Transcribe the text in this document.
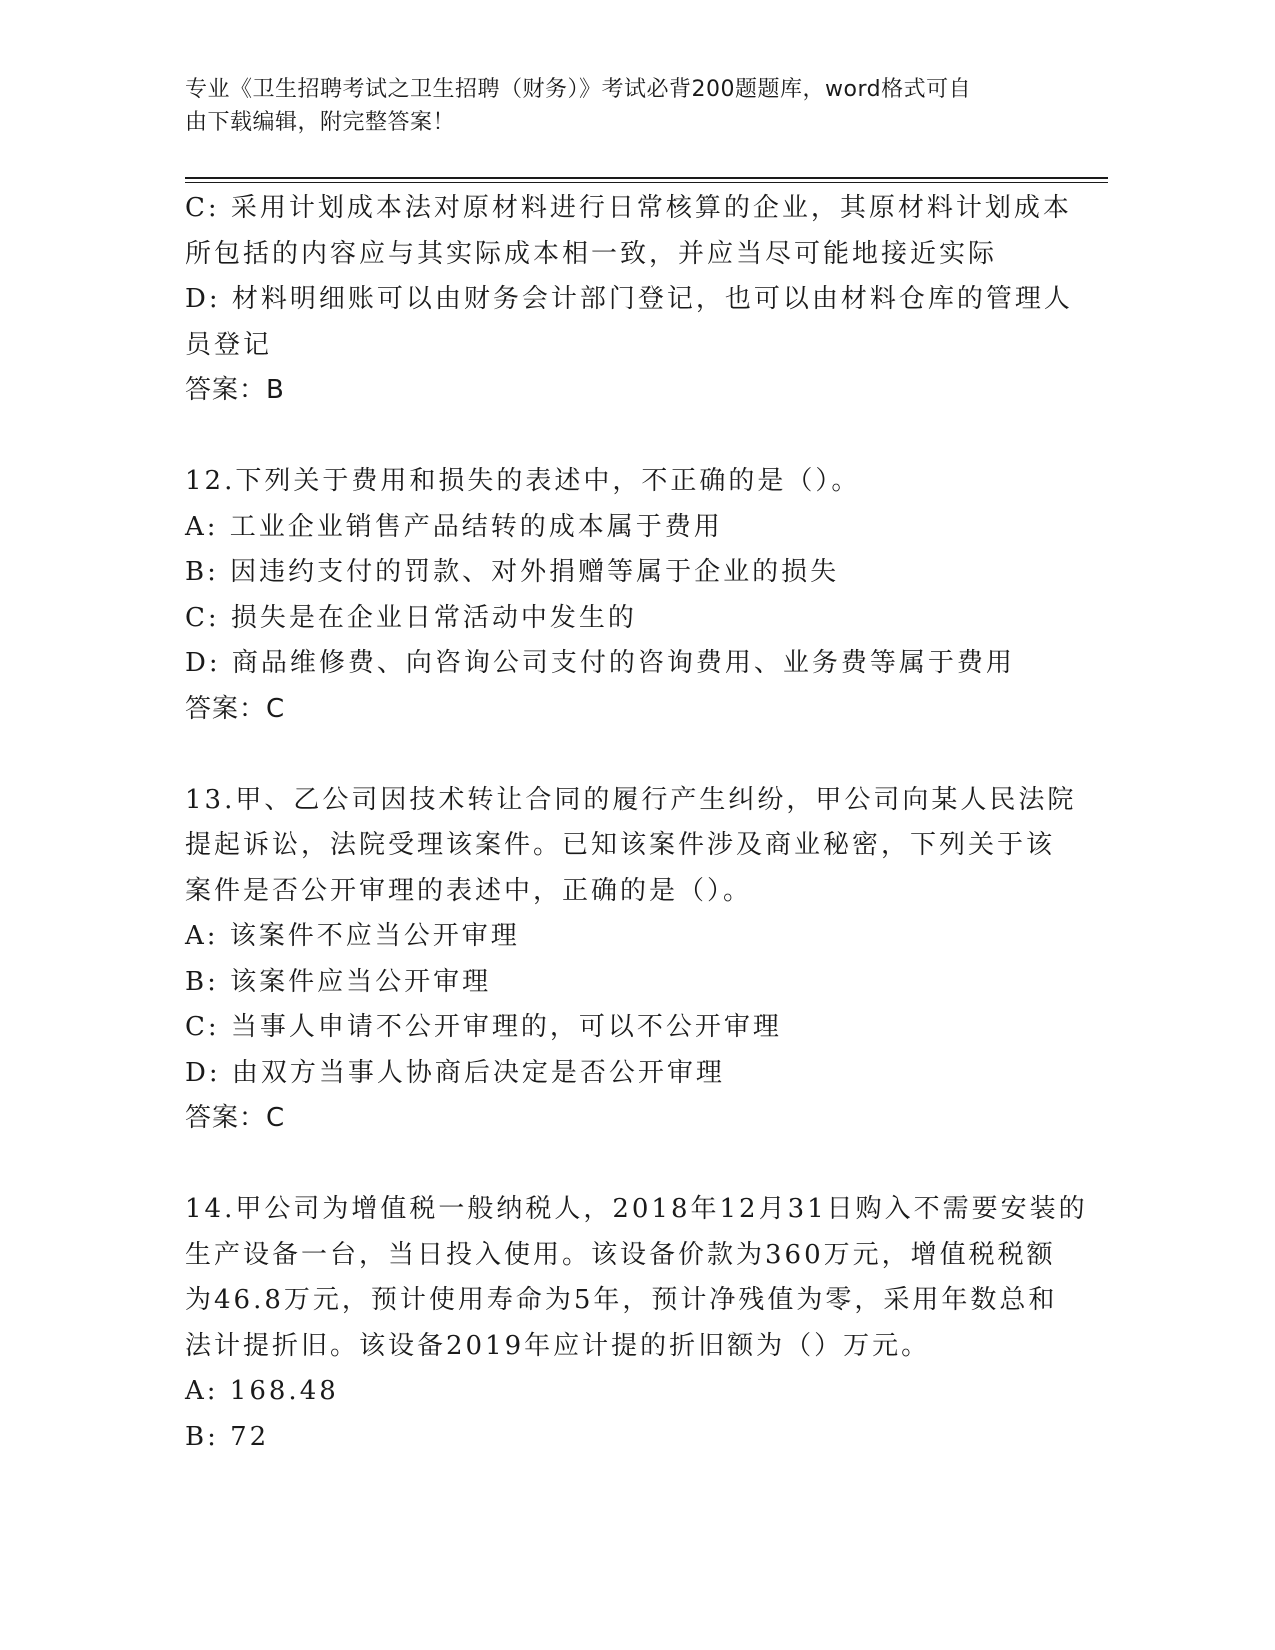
专业《卫生招聘考试之卫生招聘（财务）》考试必背200题题库，word格式可自
由下载编辑，附完整答案！
C: 采用计划成本法对原材料进行日常核算的企业，其原材料计划成本
所包括的内容应与其实际成本相一致，并应当尽可能地接近实际
D: 材料明细账可以由财务会计部门登记，也可以由材料仓库的管理人
员登记
答案：B
12.下列关于费用和损失的表述中，不正确的是（）。
A: 工业企业销售产品结转的成本属于费用
B: 因违约支付的罚款、对外捐赠等属于企业的损失
C: 损失是在企业日常活动中发生的
D: 商品维修费、向咨询公司支付的咨询费用、业务费等属于费用
答案：C
13.甲、乙公司因技术转让合同的履行产生纠纷，甲公司向某人民法院
提起诉讼，法院受理该案件。已知该案件涉及商业秘密，下列关于该
案件是否公开审理的表述中，正确的是（）。
A: 该案件不应当公开审理
B: 该案件应当公开审理
C: 当事人申请不公开审理的，可以不公开审理
D: 由双方当事人协商后决定是否公开审理
答案：C
14.甲公司为增值税一般纳税人，2018年12月31日购入不需要安装的
生产设备一台，当日投入使用。该设备价款为360万元，增值税税额
为46.8万元，预计使用寿命为5年，预计净残值为零，采用年数总和
法计提折旧。该设备2019年应计提的折旧额为（）万元。
A: 168.48
B: 72
